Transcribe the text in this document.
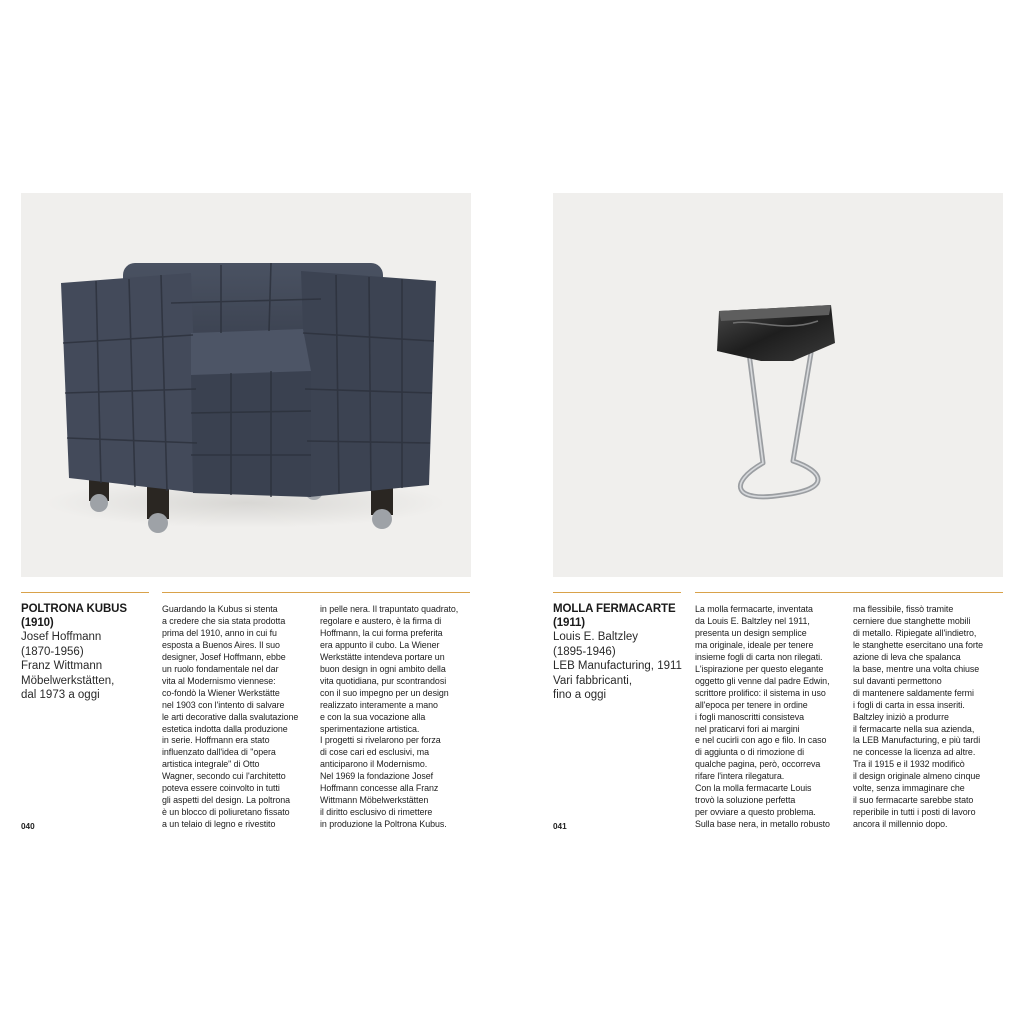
POLTRONA KUBUS
(1910)
Josef Hoffmann
(1870-1956)
Franz Wittmann
Möbelwerkstätten,
dal 1973 a oggi
Guardando la Kubus si stenta
a credere che sia stata prodotta
prima del 1910, anno in cui fu
esposta a Buenos Aires. Il suo
designer, Josef Hoffmann, ebbe
un ruolo fondamentale nel dar
vita al Modernismo viennese:
co-fondò la Wiener Werkstätte
nel 1903 con l'intento di salvare
le arti decorative dalla svalutazione
estetica indotta dalla produzione
in serie. Hoffmann era stato
influenzato dall'idea di "opera
artistica integrale" di Otto
Wagner, secondo cui l'architetto
poteva essere coinvolto in tutti
gli aspetti del design. La poltrona
è un blocco di poliuretano fissato
a un telaio di legno e rivestito
in pelle nera. Il trapuntato quadrato,
regolare e austero, è la firma di
Hoffmann, la cui forma preferita
era appunto il cubo. La Wiener
Werkstätte intendeva portare un
buon design in ogni ambito della
vita quotidiana, pur scontrandosi
con il suo impegno per un design
realizzato interamente a mano
e con la sua vocazione alla
sperimentazione artistica.
I progetti si rivelarono per forza
di cose cari ed esclusivi, ma
anticiparono il Modernismo.
Nel 1969 la fondazione Josef
Hoffmann concesse alla Franz
Wittmann Möbelwerkstätten
il diritto esclusivo di rimettere
in produzione la Poltrona Kubus.
040
MOLLA FERMACARTE
(1911)
Louis E. Baltzley
(1895-1946)
LEB Manufacturing, 1911
Vari fabbricanti,
fino a oggi
La molla fermacarte, inventata
da Louis E. Baltzley nel 1911,
presenta un design semplice
ma originale, ideale per tenere
insieme fogli di carta non rilegati.
L'ispirazione per questo elegante
oggetto gli venne dal padre Edwin,
scrittore prolifico: il sistema in uso
all'epoca per tenere in ordine
i fogli manoscritti consisteva
nel praticarvi fori ai margini
e nel cucirli con ago e filo. In caso
di aggiunta o di rimozione di
qualche pagina, però, occorreva
rifare l'intera rilegatura.
Con la molla fermacarte Louis
trovò la soluzione perfetta
per ovviare a questo problema.
Sulla base nera, in metallo robusto
ma flessibile, fissò tramite
cerniere due stanghette mobili
di metallo. Ripiegate all'indietro,
le stanghette esercitano una forte
azione di leva che spalanca
la base, mentre una volta chiuse
sul davanti permettono
di mantenere saldamente fermi
i fogli di carta in essa inseriti.
Baltzley iniziò a produrre
il fermacarte nella sua azienda,
la LEB Manufacturing, e più tardi
ne concesse la licenza ad altre.
Tra il 1915 e il 1932 modificò
il design originale almeno cinque
volte, senza immaginare che
il suo fermacarte sarebbe stato
reperibile in tutti i posti di lavoro
ancora il millennio dopo.
041
